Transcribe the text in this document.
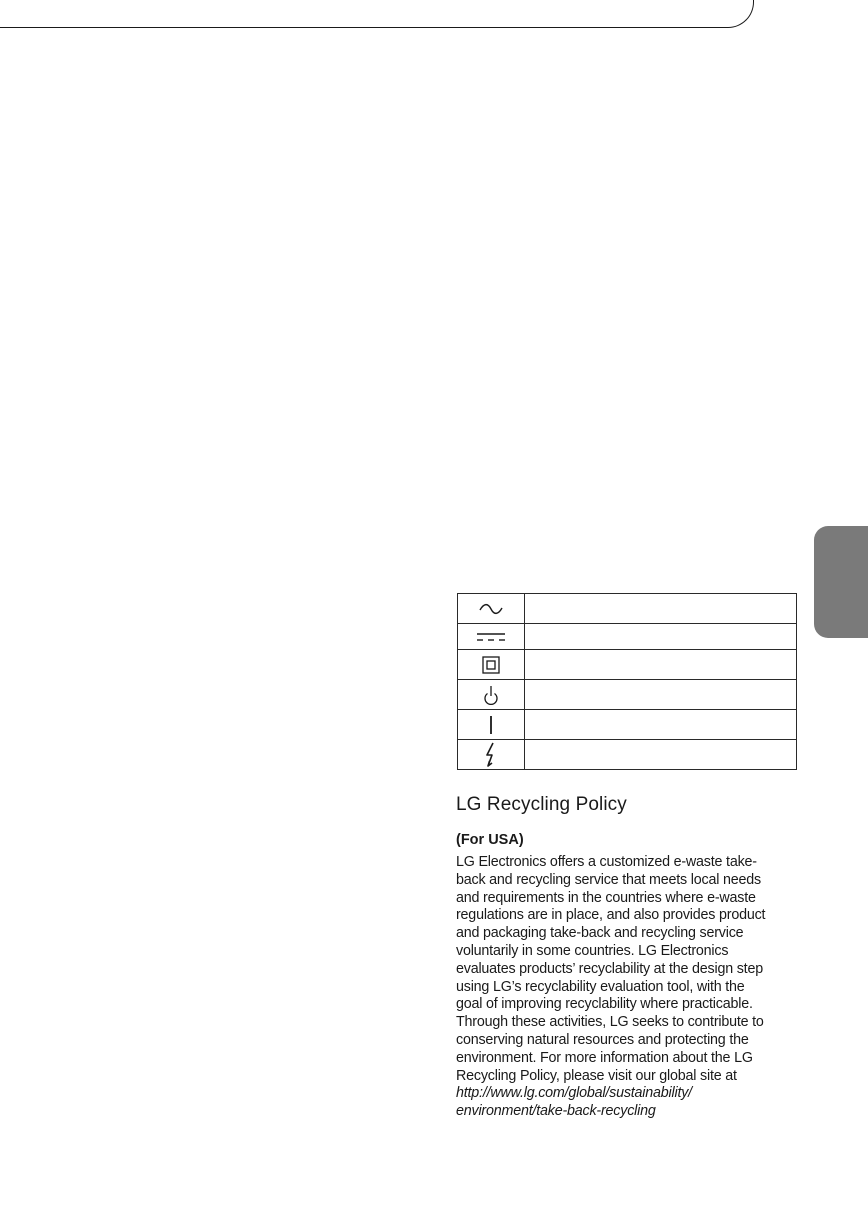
LG Recycling Policy
(For USA)

LG Electronics offers a customized e-waste take-
back and recycling service that meets local needs
and requirements in the countries where e-waste
regulations are in place, and also provides product
and packaging take-back and recycling service
voluntarily in some countries. LG Electronics
evaluates products’ recyclability at the design step
using LG’s recyclability evaluation tool, with the
goal of improving recyclability where practicable.
Through these activities, LG seeks to contribute to
conserving natural resources and protecting the
environment. For more information about the LG
Recycling Policy, please visit our global site at
http://www.lg.com/global/sustainability/
environment/take-back-recycling
